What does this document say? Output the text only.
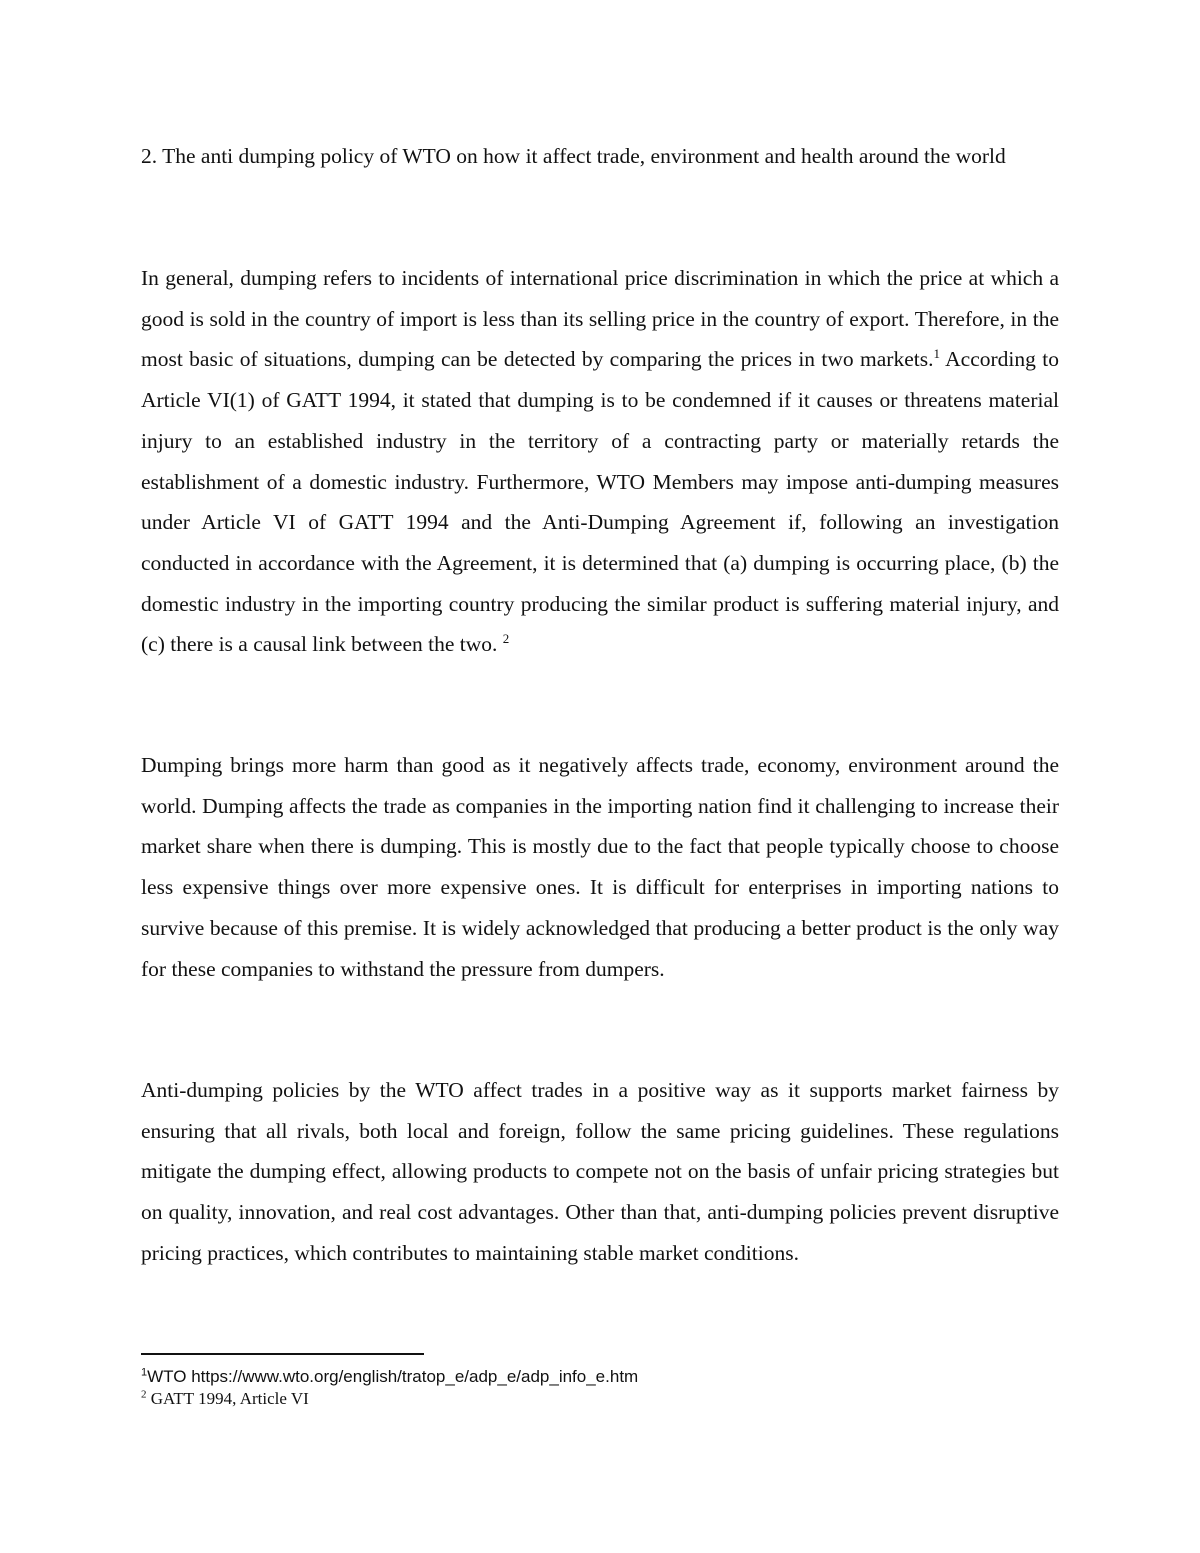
2. The anti dumping policy of WTO on how it affect trade, environment and health around the world

In general, dumping refers to incidents of international price discrimination in which the price at which a good is sold in the country of import is less than its selling price in the country of export. Therefore, in the most basic of situations, dumping can be detected by comparing the prices in two markets.$^1$ According to Article VI(1) of GATT 1994, it stated that dumping is to be condemned if it causes or threatens material injury to an established industry in the territory of a contracting party or materially retards the establishment of a domestic industry. Furthermore, WTO Members may impose anti-dumping measures under Article VI of GATT 1994 and the Anti-Dumping Agreement if, following an investigation conducted in accordance with the Agreement, it is determined that (a) dumping is occurring place, (b) the domestic industry in the importing country producing the similar product is suffering material injury, and (c) there is a causal link between the two. $^2$

Dumping brings more harm than good as it negatively affects trade, economy, environment around the world. Dumping affects the trade as companies in the importing nation find it challenging to increase their market share when there is dumping. This is mostly due to the fact that people typically choose to choose less expensive things over more expensive ones. It is difficult for enterprises in importing nations to survive because of this premise. It is widely acknowledged that producing a better product is the only way for these companies to withstand the pressure from dumpers.

Anti-dumping policies by the WTO affect trades in a positive way as it supports market fairness by ensuring that all rivals, both local and foreign, follow the same pricing guidelines. These regulations mitigate the dumping effect, allowing products to compete not on the basis of unfair pricing strategies but on quality, innovation, and real cost advantages. Other than that, anti-dumping policies prevent disruptive pricing practices, which contributes to maintaining stable market conditions.

$^1$WTO https://www.wto.org/english/tratop_e/adp_e/adp_info_e.htm

$^2$ GATT 1994, Article VI
